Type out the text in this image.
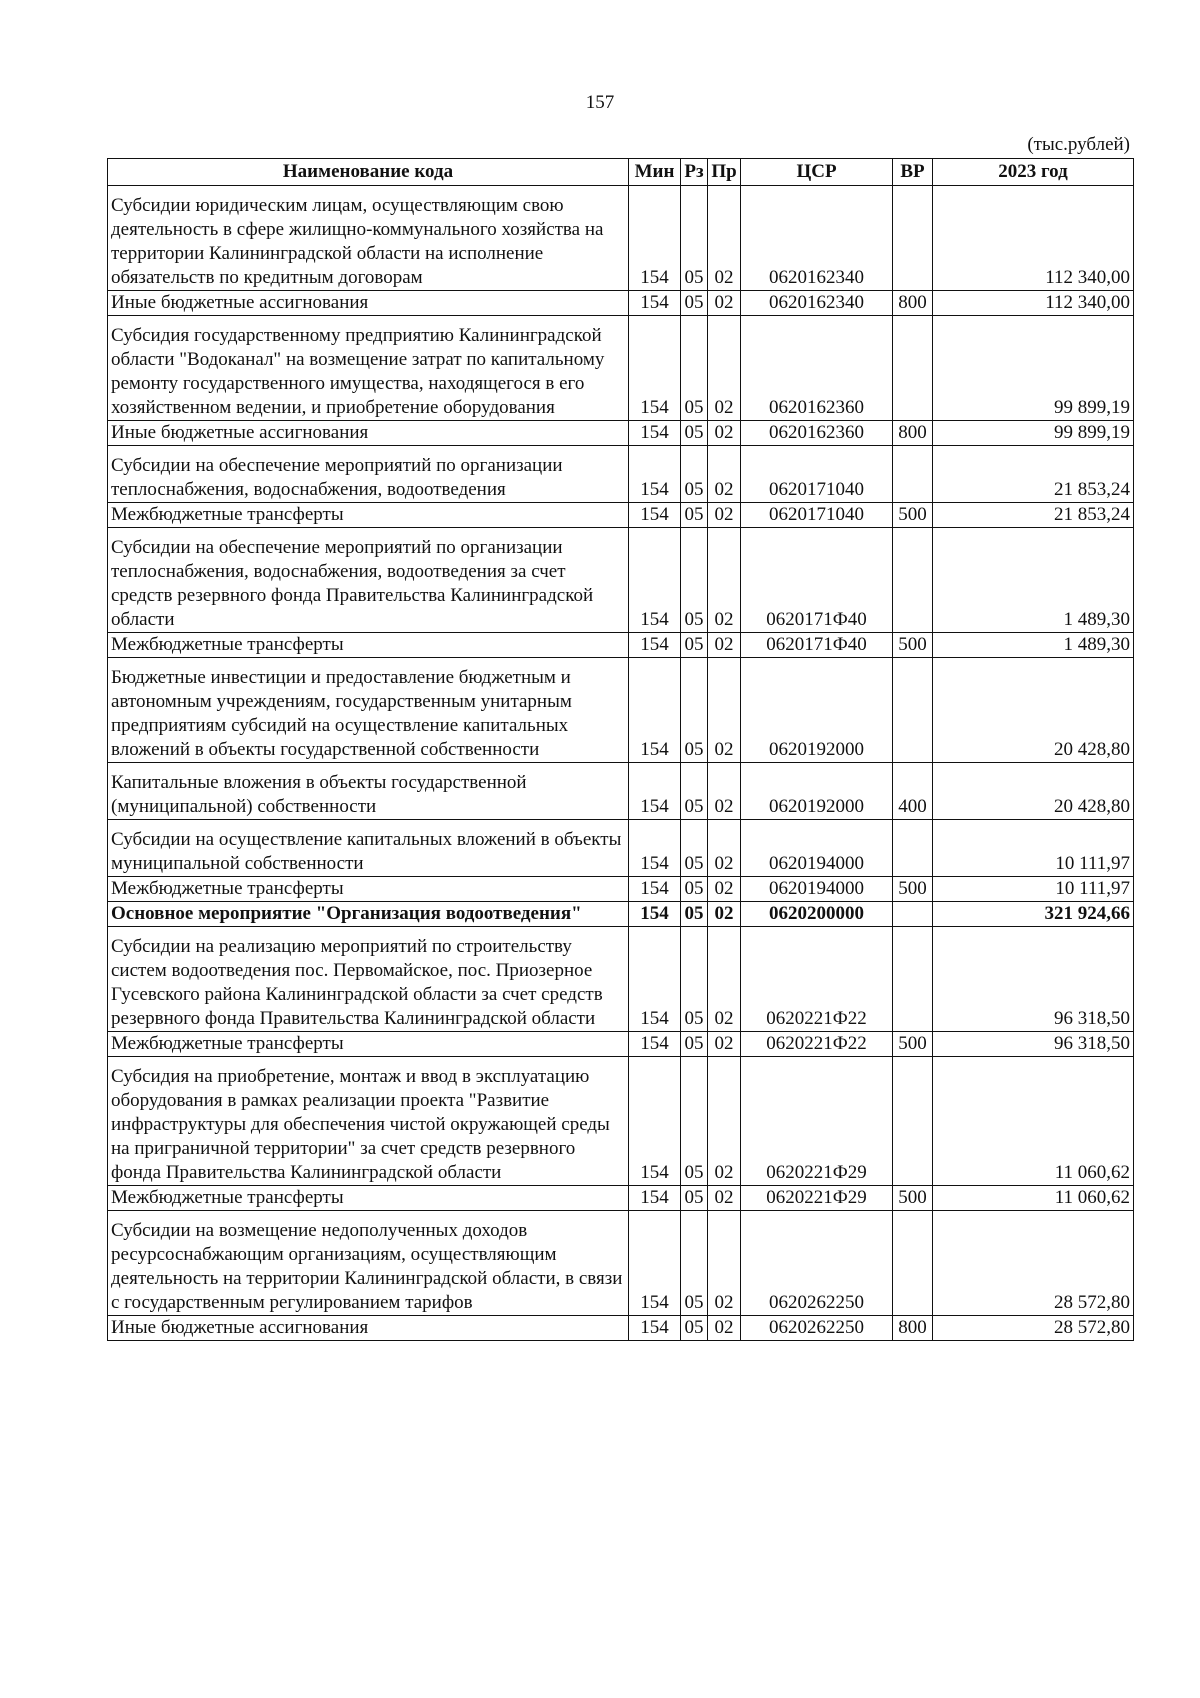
157
(тыс.рублей)
Наименование кода	Мин	Рз	Пр	ЦСР	ВР	2023 год
Субсидии юридическим лицам, осуществляющим свою деятельность в сфере жилищно-коммунального хозяйства на территории Калининградской области на исполнение обязательств по кредитным договорам	154	05	02	0620162340		112 340,00
Иные бюджетные ассигнования	154	05	02	0620162340	800	112 340,00
Субсидия государственному предприятию Калининградской области "Водоканал" на возмещение затрат по капитальному ремонту государственного имущества, находящегося в его хозяйственном ведении, и приобретение оборудования	154	05	02	0620162360		99 899,19
Иные бюджетные ассигнования	154	05	02	0620162360	800	99 899,19
Субсидии на обеспечение мероприятий по организации теплоснабжения, водоснабжения, водоотведения	154	05	02	0620171040		21 853,24
Межбюджетные трансферты	154	05	02	0620171040	500	21 853,24
Субсидии на обеспечение мероприятий по организации теплоснабжения, водоснабжения, водоотведения за счет средств резервного фонда Правительства Калининградской области	154	05	02	0620171Ф40		1 489,30
Межбюджетные трансферты	154	05	02	0620171Ф40	500	1 489,30
Бюджетные инвестиции и предоставление бюджетным и автономным учреждениям, государственным унитарным предприятиям субсидий на осуществление капитальных вложений в объекты государственной собственности	154	05	02	0620192000		20 428,80
Капитальные вложения в объекты государственной (муниципальной) собственности	154	05	02	0620192000	400	20 428,80
Субсидии на осуществление капитальных вложений в объекты муниципальной собственности	154	05	02	0620194000		10 111,97
Межбюджетные трансферты	154	05	02	0620194000	500	10 111,97
Основное мероприятие "Организация водоотведения"	154	05	02	0620200000		321 924,66
Субсидии на реализацию мероприятий по строительству систем водоотведения пос. Первомайское, пос. Приозерное Гусевского района Калининградской области за счет средств резервного фонда Правительства Калининградской области	154	05	02	0620221Ф22		96 318,50
Межбюджетные трансферты	154	05	02	0620221Ф22	500	96 318,50
Субсидия на приобретение, монтаж и ввод в эксплуатацию оборудования в рамках реализации проекта "Развитие инфраструктуры для обеспечения чистой окружающей среды на приграничной территории" за счет средств резервного фонда Правительства Калининградской области	154	05	02	0620221Ф29		11 060,62
Межбюджетные трансферты	154	05	02	0620221Ф29	500	11 060,62
Субсидии на возмещение недополученных доходов ресурсоснабжающим организациям, осуществляющим деятельность на территории Калининградской области, в связи с государственным регулированием тарифов	154	05	02	0620262250		28 572,80
Иные бюджетные ассигнования	154	05	02	0620262250	800	28 572,80
